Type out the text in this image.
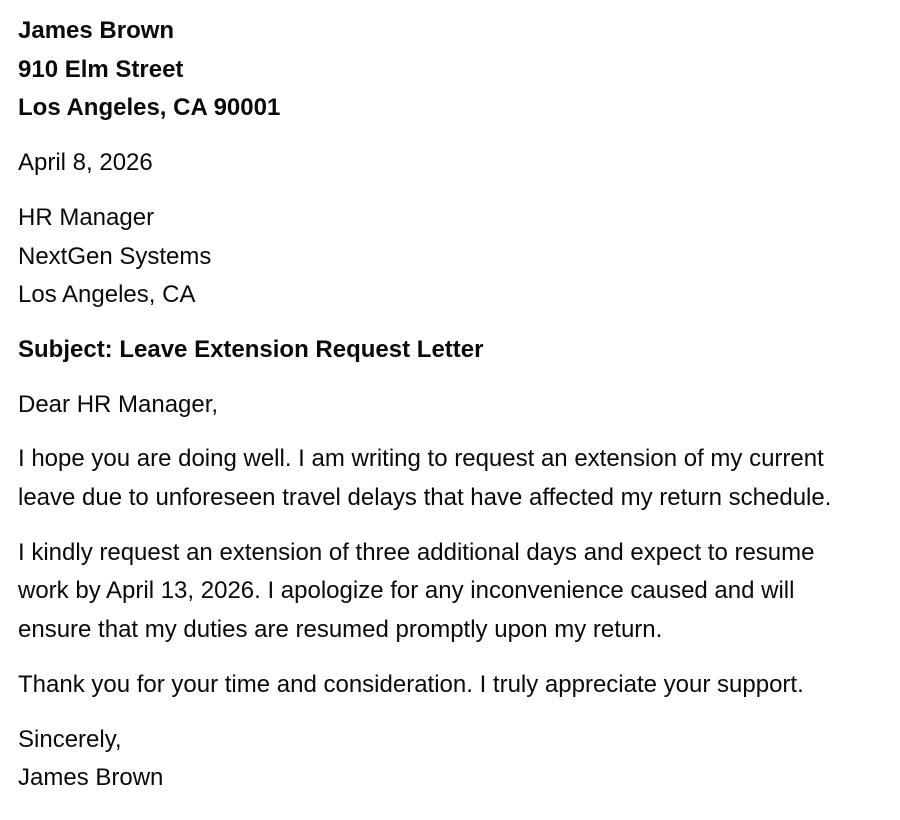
James Brown
910 Elm Street
Los Angeles, CA 90001
April 8, 2026
HR Manager
NextGen Systems
Los Angeles, CA
Subject: Leave Extension Request Letter
Dear HR Manager,
I hope you are doing well. I am writing to request an extension of my current
leave due to unforeseen travel delays that have affected my return schedule.
I kindly request an extension of three additional days and expect to resume
work by April 13, 2026. I apologize for any inconvenience caused and will
ensure that my duties are resumed promptly upon my return.
Thank you for your time and consideration. I truly appreciate your support.
Sincerely,
James Brown
